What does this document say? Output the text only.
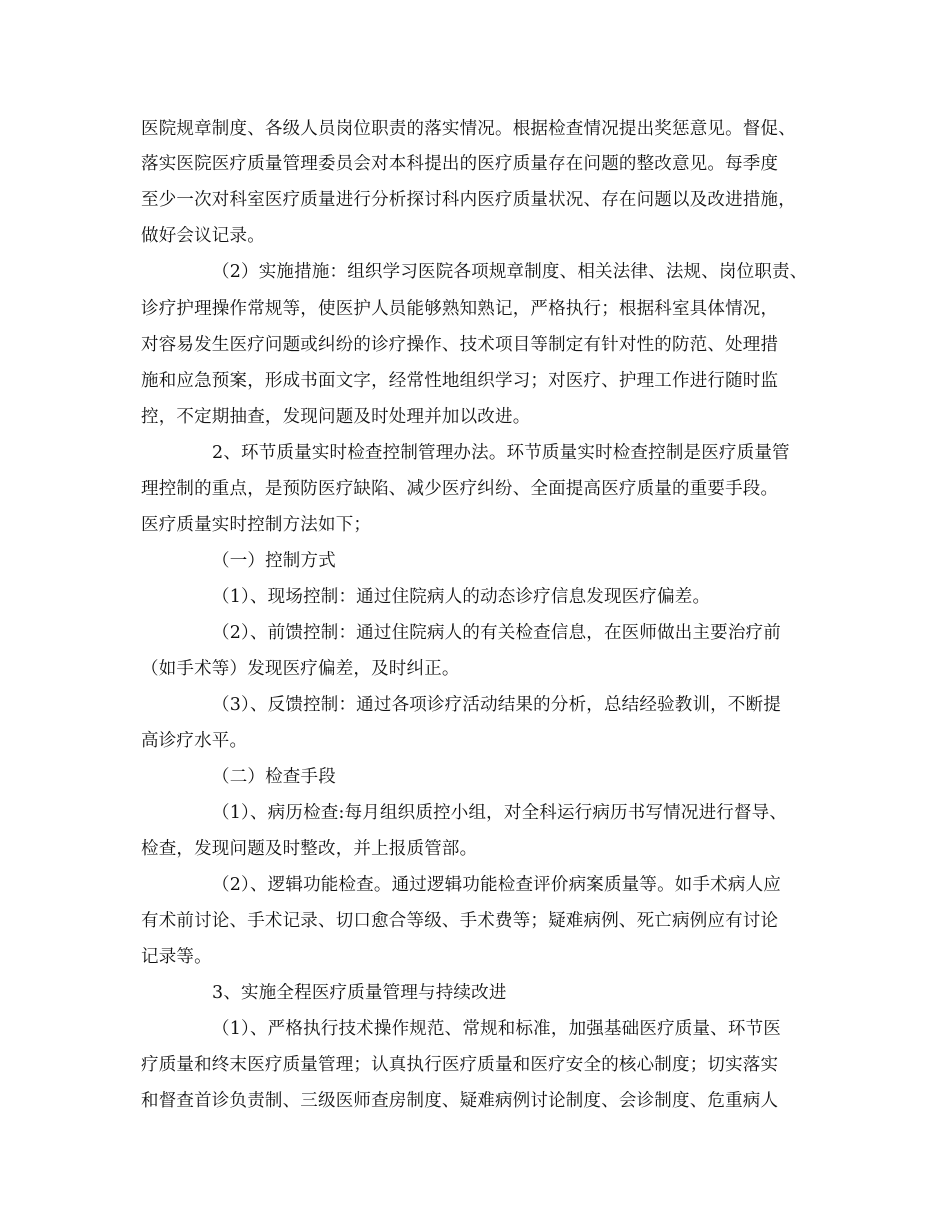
医院规章制度、各级人员岗位职责的落实情况。根据检查情况提出奖惩意见。督促、
落实医院医疗质量管理委员会对本科提出的医疗质量存在问题的整改意见。每季度
至少一次对科室医疗质量进行分析探讨科内医疗质量状况、存在问题以及改进措施，
做好会议记录。
（2）实施措施：组织学习医院各项规章制度、相关法律、法规、岗位职责、
诊疗护理操作常规等，使医护人员能够熟知熟记，严格执行；根据科室具体情况，
对容易发生医疗问题或纠纷的诊疗操作、技术项目等制定有针对性的防范、处理措
施和应急预案，形成书面文字，经常性地组织学习；对医疗、护理工作进行随时监
控，不定期抽查，发现问题及时处理并加以改进。
2、环节质量实时检查控制管理办法。环节质量实时检查控制是医疗质量管
理控制的重点，是预防医疗缺陷、减少医疗纠纷、全面提高医疗质量的重要手段。
医疗质量实时控制方法如下；
（一）控制方式
（1）、现场控制：通过住院病人的动态诊疗信息发现医疗偏差。
（2）、前馈控制：通过住院病人的有关检查信息，在医师做出主要治疗前
（如手术等）发现医疗偏差，及时纠正。
（3）、反馈控制：通过各项诊疗活动结果的分析，总结经验教训，不断提
高诊疗水平。
（二）检查手段
（1）、病历检查:每月组织质控小组，对全科运行病历书写情况进行督导、
检查，发现问题及时整改，并上报质管部。
（2）、逻辑功能检查。通过逻辑功能检查评价病案质量等。如手术病人应
有术前讨论、手术记录、切口愈合等级、手术费等；疑难病例、死亡病例应有讨论
记录等。
3、实施全程医疗质量管理与持续改进
（1）、严格执行技术操作规范、常规和标准，加强基础医疗质量、环节医
疗质量和终末医疗质量管理；认真执行医疗质量和医疗安全的核心制度；切实落实
和督查首诊负责制、三级医师查房制度、疑难病例讨论制度、会诊制度、危重病人
